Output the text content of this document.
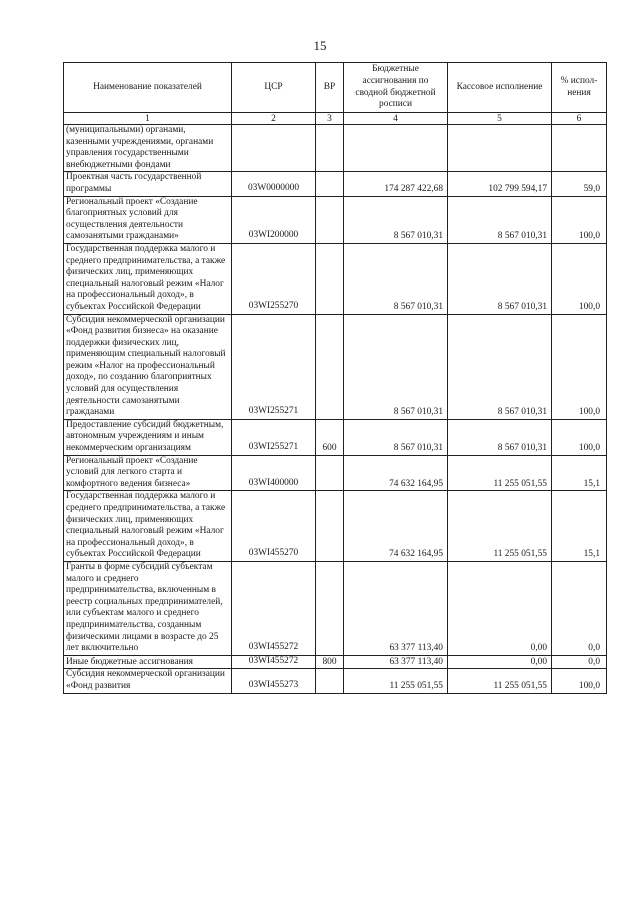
15
Наименование показателей	ЦСР	ВР	Бюджетные ассигнования по сводной бюджетной росписи	Кассовое исполнение	% испол- нения
1	2	3	4	5	6
(муниципальными) органами, казенными учреждениями, органами управления государственными внебюджетными фондами					
Проектная часть государственной программы	03W0000000		174 287 422,68	102 799 594,17	59,0
Региональный проект «Создание благоприятных условий для осуществления деятельности самозанятыми гражданами»	03WI200000		8 567 010,31	8 567 010,31	100,0
Государственная поддержка малого и среднего предпринимательства, а также физических лиц, применяющих специальный налоговый режим «Налог на профессиональный доход», в субъектах Российской Федерации	03WI255270		8 567 010,31	8 567 010,31	100,0
Субсидия некоммерческой организации «Фонд развития бизнеса» на оказание поддержки физических лиц, применяющим специальный налоговый режим «Налог на профессиональный доход», по созданию благоприятных условий для осуществления деятельности самозанятыми гражданами	03WI255271		8 567 010,31	8 567 010,31	100,0
Предоставление субсидий бюджетным, автономным учреждениям и иным некоммерческим организациям	03WI255271	600	8 567 010,31	8 567 010,31	100,0
Региональный проект «Создание условий для легкого старта и комфортного ведения бизнеса»	03WI400000		74 632 164,95	11 255 051,55	15,1
Государственная поддержка малого и среднего предпринимательства, а также физических лиц, применяющих специальный налоговый режим «Налог на профессиональный доход», в субъектах Российской Федерации	03WI455270		74 632 164,95	11 255 051,55	15,1
Гранты в форме субсидий субъектам малого и среднего предпринимательства, включенным в реестр социальных предпринимателей, или субъектам малого и среднего предпринимательства, созданным физическими лицами в возрасте до 25 лет включительно	03WI455272		63 377 113,40	0,00	0,0
Иные бюджетные ассигнования	03WI455272	800	63 377 113,40	0,00	0,0
Субсидия некоммерческой организации «Фонд развития	03WI455273		11 255 051,55	11 255 051,55	100,0
